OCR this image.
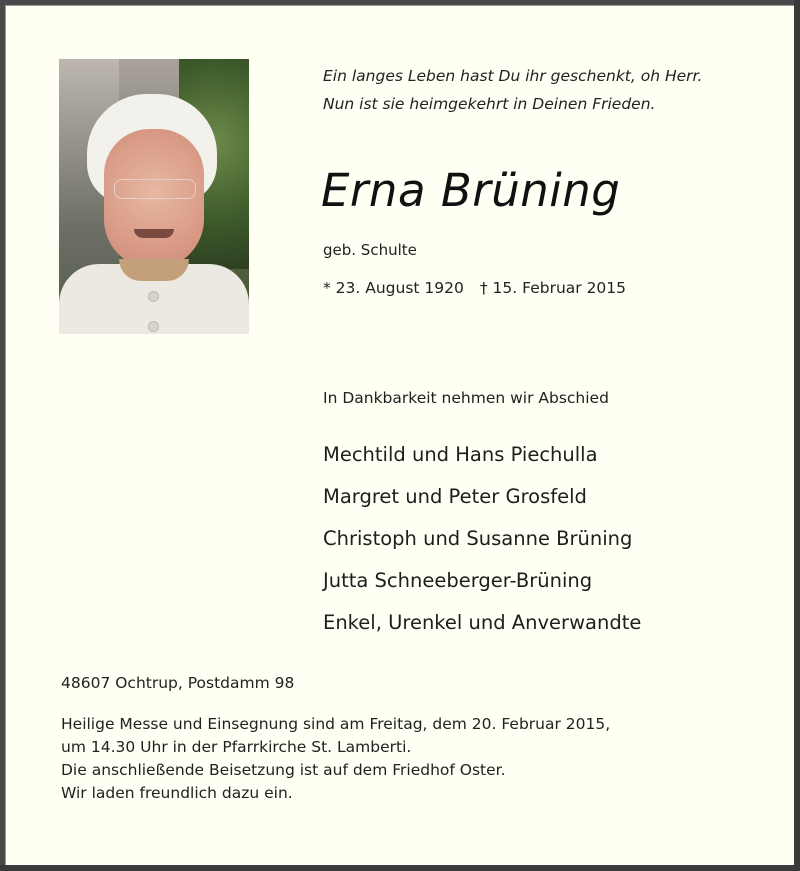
Ein langes Leben hast Du ihr geschenkt, oh Herr.
Nun ist sie heimgekehrt in Deinen Frieden.
Erna Brüning
geb. Schulte
* 23. August 1920 † 15. Februar 2015
In Dankbarkeit nehmen wir Abschied
Mechtild und Hans Piechulla
Margret und Peter Grosfeld
Christoph und Susanne Brüning
Jutta Schneeberger-Brüning
Enkel, Urenkel und Anverwandte
48607 Ochtrup, Postdamm 98
Heilige Messe und Einsegnung sind am Freitag, dem 20. Februar 2015,
um 14.30 Uhr in der Pfarrkirche St. Lamberti.
Die anschließende Beisetzung ist auf dem Friedhof Oster.
Wir laden freundlich dazu ein.
